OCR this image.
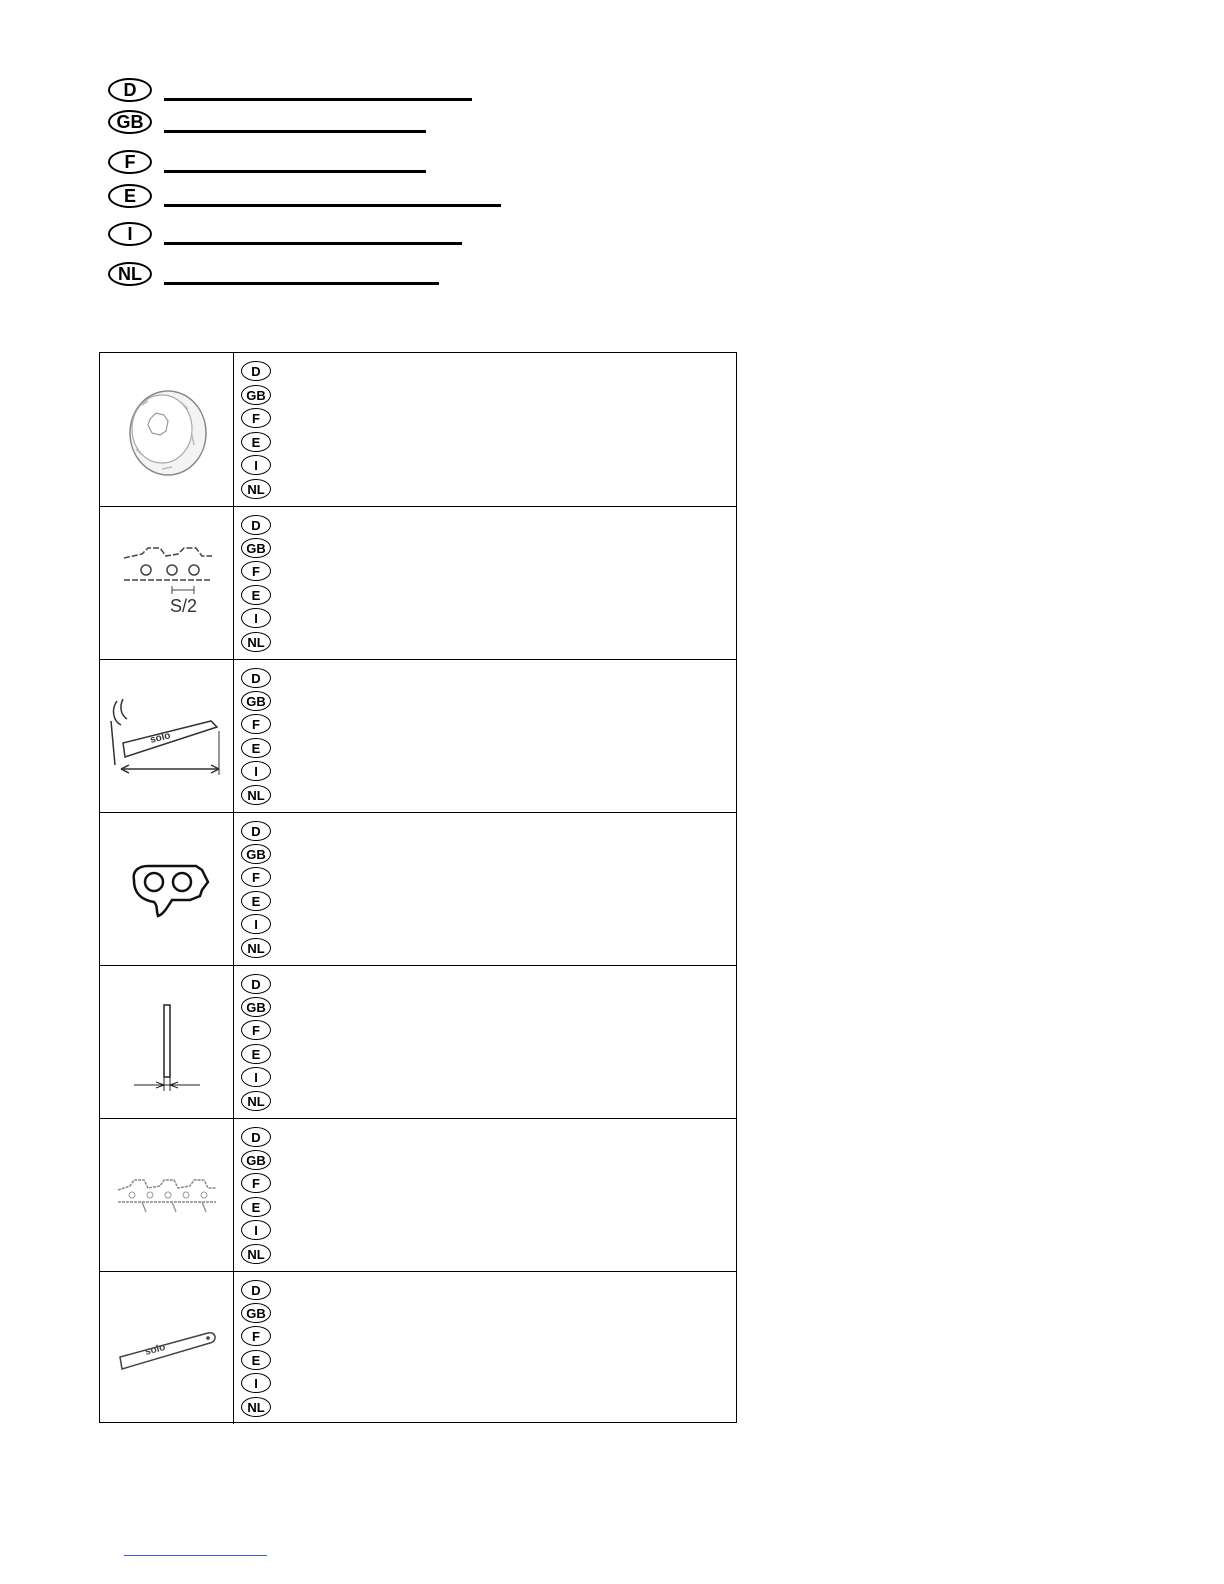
D
GB
F
E
I
NL
D
GB
F
E
I
NL
S/2
D
GB
F
E
I
NL
solo
D
GB
F
E
I
NL
D
GB
F
E
I
NL
D
GB
F
E
I
NL
D
GB
F
E
I
NL
solo
D
GB
F
E
I
NL
